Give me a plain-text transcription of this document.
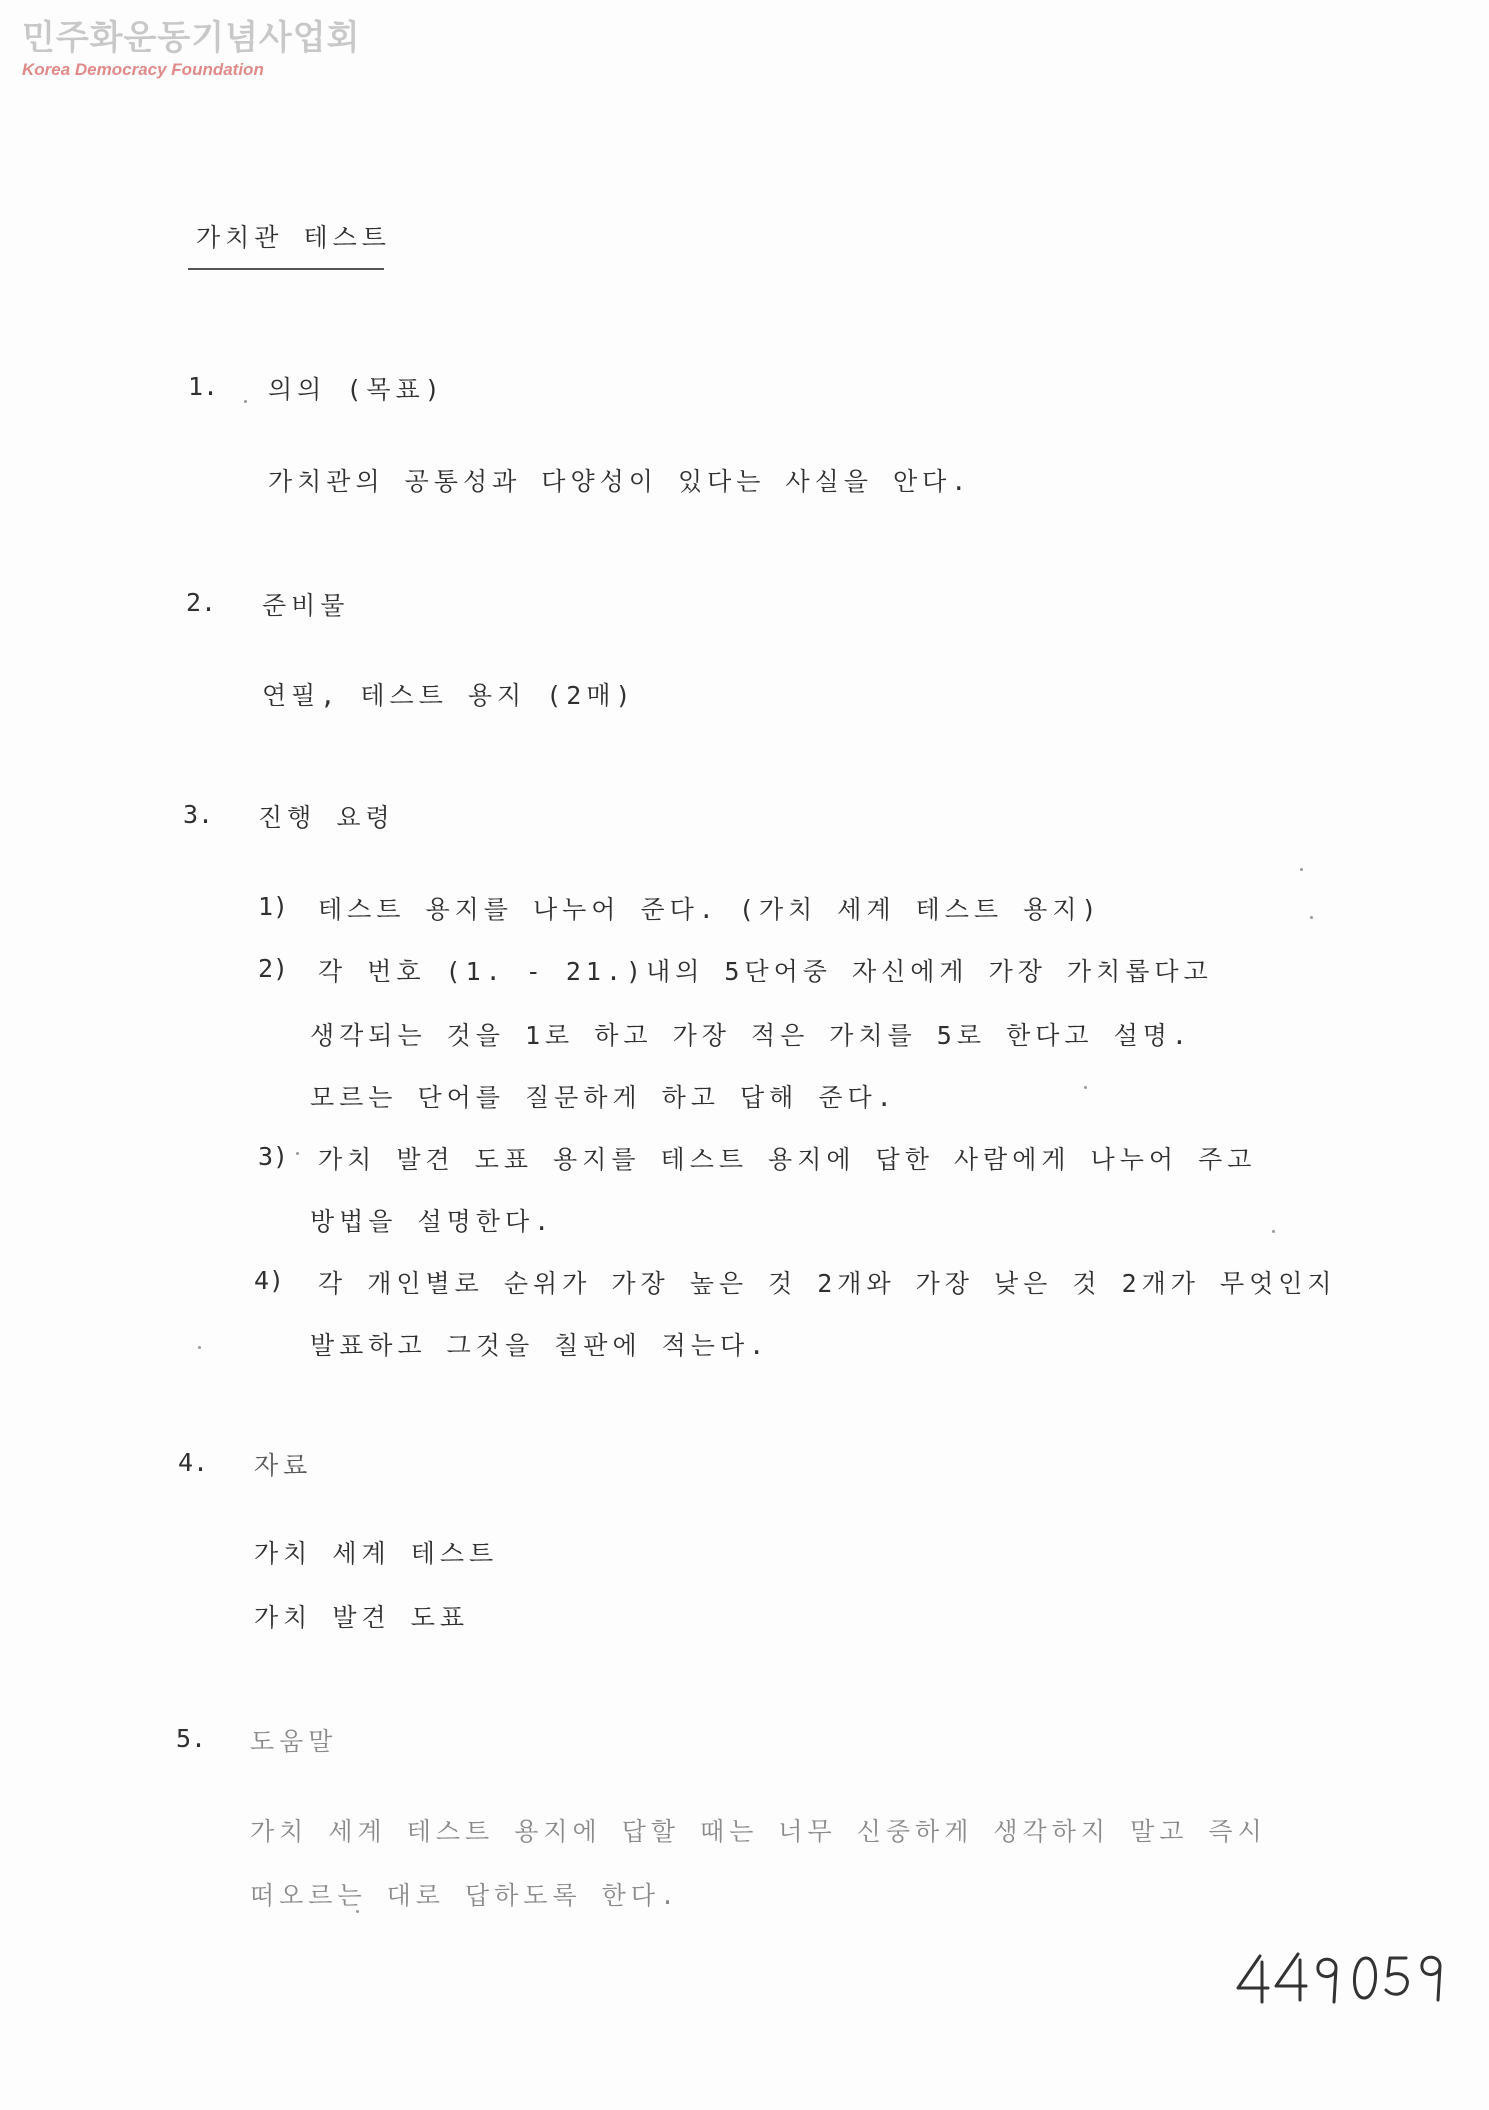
민주화운동기념사업회
Korea Democracy Foundation
가치관 테스트
1. 의의 (목표)
가치관의 공통성과 다양성이 있다는 사실을 안다.
2. 준비물
연필, 테스트 용지 (2매)
3. 진행 요령
1) 테스트 용지를 나누어 준다. (가치 세계 테스트 용지)
2) 각 번호 (1. - 21.)내의 5단어중 자신에게 가장 가치롭다고
생각되는 것을 1로 하고 가장 적은 가치를 5로 한다고 설명.
모르는 단어를 질문하게 하고 답해 준다.
3) 가치 발견 도표 용지를 테스트 용지에 답한 사람에게 나누어 주고
방법을 설명한다.
4) 각 개인별로 순위가 가장 높은 것 2개와 가장 낮은 것 2개가 무엇인지
발표하고 그것을 칠판에 적는다.
4. 자료
가치 세계 테스트
가치 발견 도표
5. 도움말
가치 세계 테스트 용지에 답할 때는 너무 신중하게 생각하지 말고 즉시
떠오르는 대로 답하도록 한다.
